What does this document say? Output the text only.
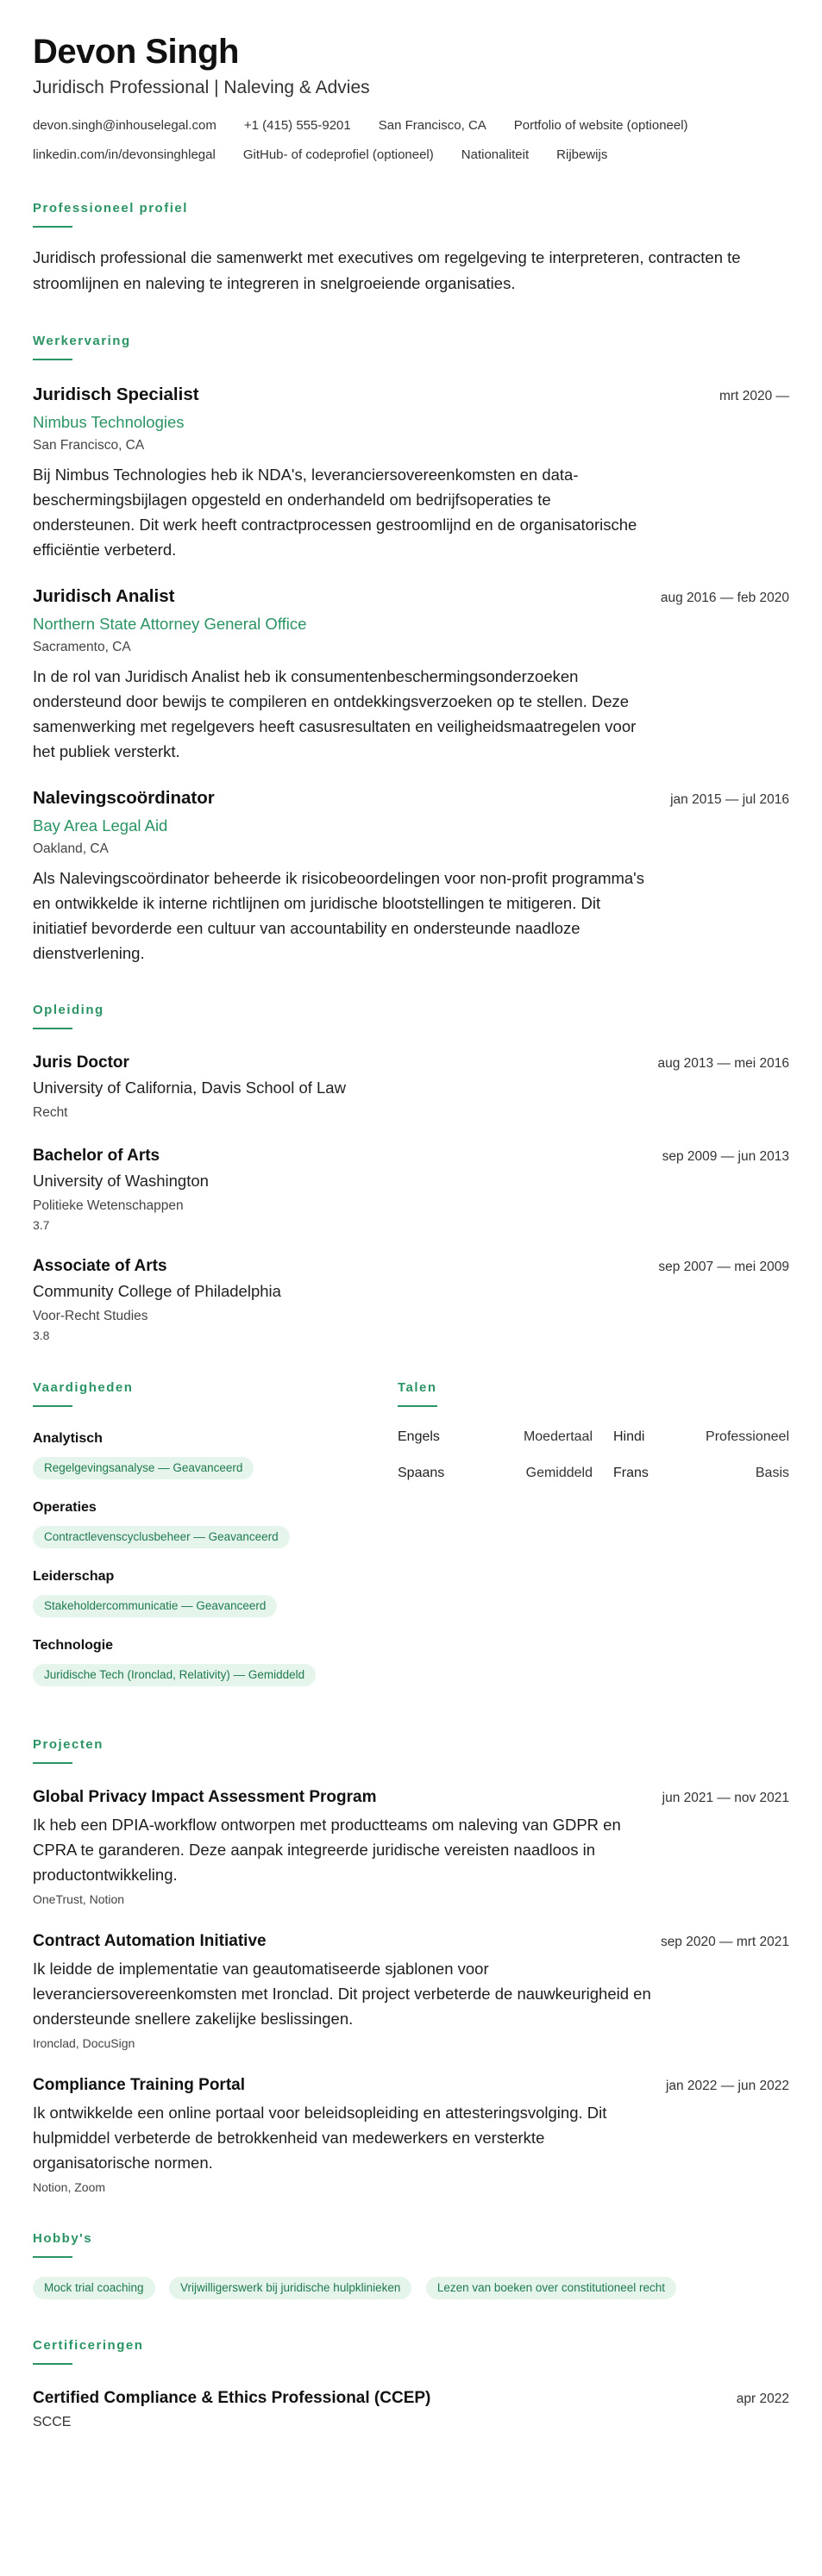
Devon Singh
Juridisch Professional | Naleving & Advies
devon.singh@inhouselegal.com +1 (415) 555-9201 San Francisco, CA Portfolio of website (optioneel)
linkedin.com/in/devonsinghlegal GitHub- of codeprofiel (optioneel) Nationaliteit Rijbewijs
Professioneel profiel

Juridisch professional die samenwerkt met executives om regelgeving te interpreteren, contracten te stroomlijnen en naleving te integreren in snelgroeiende organisaties.

Werkervaring
Juridisch Specialist	mrt 2020 —
Nimbus Technologies
San Francisco, CA

Bij Nimbus Technologies heb ik NDA's, leveranciersovereenkomsten en data-beschermingsbijlagen opgesteld en onderhandeld om bedrijfsoperaties te ondersteunen. Dit werk heeft contractprocessen gestroomlijnd en de organisatorische efficiëntie verbeterd.

Juridisch Analist	aug 2016 — feb 2020
Northern State Attorney General Office
Sacramento, CA

In de rol van Juridisch Analist heb ik consumentenbeschermingsonderzoeken ondersteund door bewijs te compileren en ontdekkingsverzoeken op te stellen. Deze samenwerking met regelgevers heeft casusresultaten en veiligheidsmaatregelen voor het publiek versterkt.

Nalevingscoördinator	jan 2015 — jul 2016
Bay Area Legal Aid
Oakland, CA

Als Nalevingscoördinator beheerde ik risicobeoordelingen voor non-profit programma's en ontwikkelde ik interne richtlijnen om juridische blootstellingen te mitigeren. Dit initiatief bevorderde een cultuur van accountability en ondersteunde naadloze dienstverlening.

Opleiding
Juris Doctor	aug 2013 — mei 2016
University of California, Davis School of Law
Recht
Bachelor of Arts	sep 2009 — jun 2013
University of Washington
Politieke Wetenschappen
3.7
Associate of Arts	sep 2007 — mei 2009
Community College of Philadelphia
Voor-Recht Studies
3.8
Vaardigheden
Analytisch
Regelgevingsanalyse — Geavanceerd
Operaties
Contractlevenscyclusbeheer — Geavanceerd
Leiderschap
Stakeholdercommunicatie — Geavanceerd
Technologie
Juridische Tech (Ironclad, Relativity) — Gemiddeld
Talen
Engels	Moedertaal	Hindi	Professioneel
Spaans	Gemiddeld	Frans	Basis
Projecten
Global Privacy Impact Assessment Program	jun 2021 — nov 2021

Ik heb een DPIA-workflow ontworpen met productteams om naleving van GDPR en CPRA te garanderen. Deze aanpak integreerde juridische vereisten naadloos in productontwikkeling.

OneTrust, Notion
Contract Automation Initiative	sep 2020 — mrt 2021

Ik leidde de implementatie van geautomatiseerde sjablonen voor leveranciersovereenkomsten met Ironclad. Dit project verbeterde de nauwkeurigheid en ondersteunde snellere zakelijke beslissingen.

Ironclad, DocuSign
Compliance Training Portal	jan 2022 — jun 2022

Ik ontwikkelde een online portaal voor beleidsopleiding en attesteringsvolging. Dit hulpmiddel verbeterde de betrokkenheid van medewerkers en versterkte organisatorische normen.

Notion, Zoom
Hobby's
Mock trial coaching	Vrijwilligerswerk bij juridische hulpklinieken	Lezen van boeken over constitutioneel recht
Certificeringen
Certified Compliance & Ethics Professional (CCEP)	apr 2022
SCCE
